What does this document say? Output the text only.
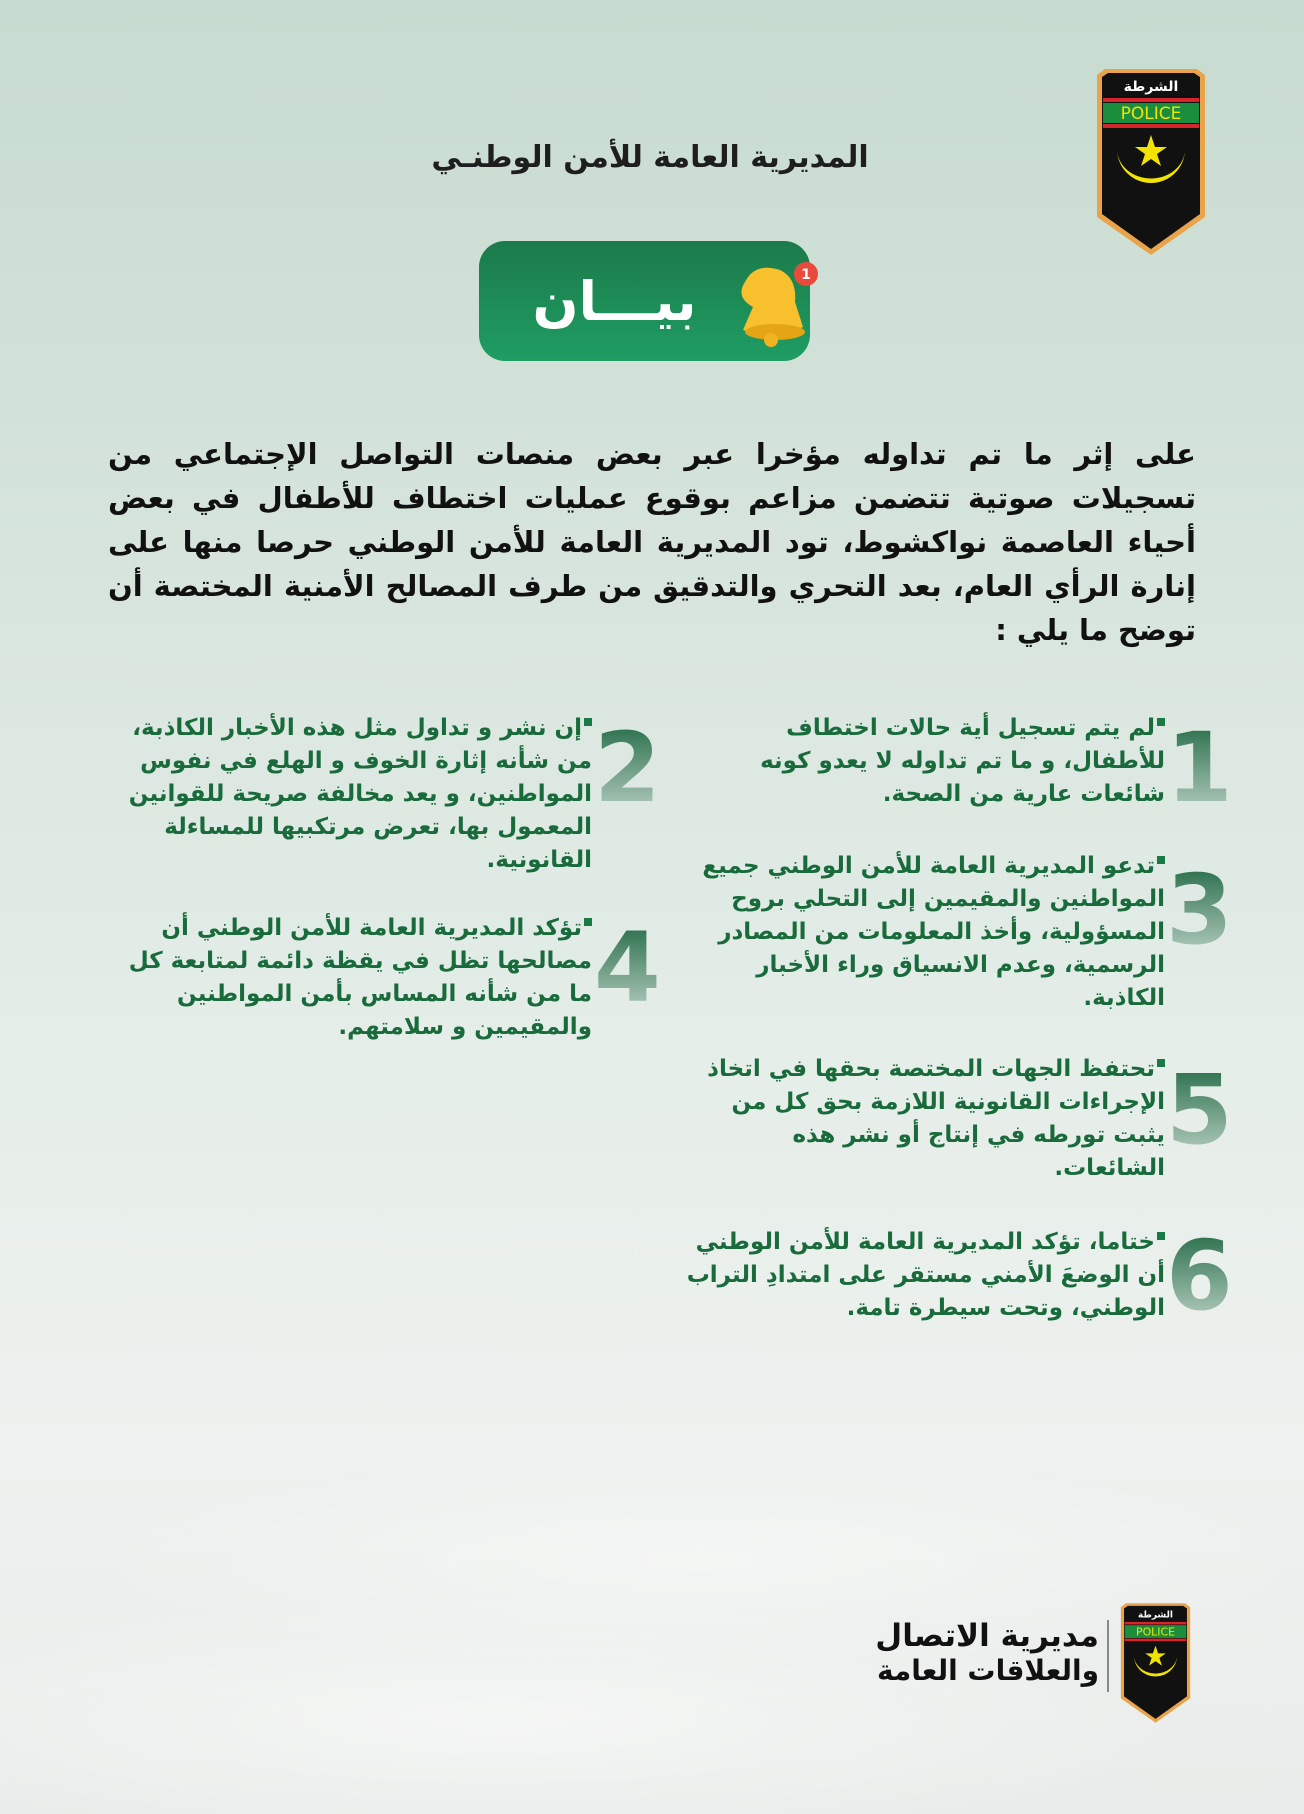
الشرطة
POLICE
المديرية العامة للأمن الوطنـي
بيـــان	1

على إثر ما تم تداوله مؤخرا عبر بعض منصات التواصل الإجتماعي من تسجيلات صوتية تتضمن مزاعم بوقوع عمليات اختطاف للأطفال في بعض أحياء العاصمة نواكشوط، تود المديرية العامة للأمن الوطني حرصا منها على إنارة الرأي العام، بعد التحري والتدقيق من طرف المصالح الأمنية المختصة أن توضح ما يلي :

1
لم يتم تسجيل أية حالات اختطاف للأطفال، و ما تم تداوله لا يعدو كونه شائعات عارية من الصحة.
3
تدعو المديرية العامة للأمن الوطني جميع المواطنين والمقيمين إلى التحلي بروح المسؤولية، وأخذ المعلومات من المصادر الرسمية، وعدم الانسياق وراء الأخبار الكاذبة.
5
تحتفظ الجهات المختصة بحقها في اتخاذ الإجراءات القانونية اللازمة بحق كل من يثبت تورطه في إنتاج أو نشر هذه الشائعات.
6
ختاما، تؤكد المديرية العامة للأمن الوطني أن الوضعَ الأمني مستقر على امتدادِ التراب الوطني، وتحت سيطرة تامة.
2
إن نشر و تداول مثل هذه الأخبار الكاذبة، من شأنه إثارة الخوف و الهلع في نفوس المواطنين، و يعد مخالفة صريحة للقوانين المعمول بها، تعرض مرتكبيها للمساءلة القانونية.
4
تؤكد المديرية العامة للأمن الوطني أن مصالحها تظل في يقظة دائمة لمتابعة كل ما من شأنه المساس بأمن المواطنين والمقيمين و سلامتهم.
مديرية الاتصال
والعلاقات العامة
الشرطة
POLICE
